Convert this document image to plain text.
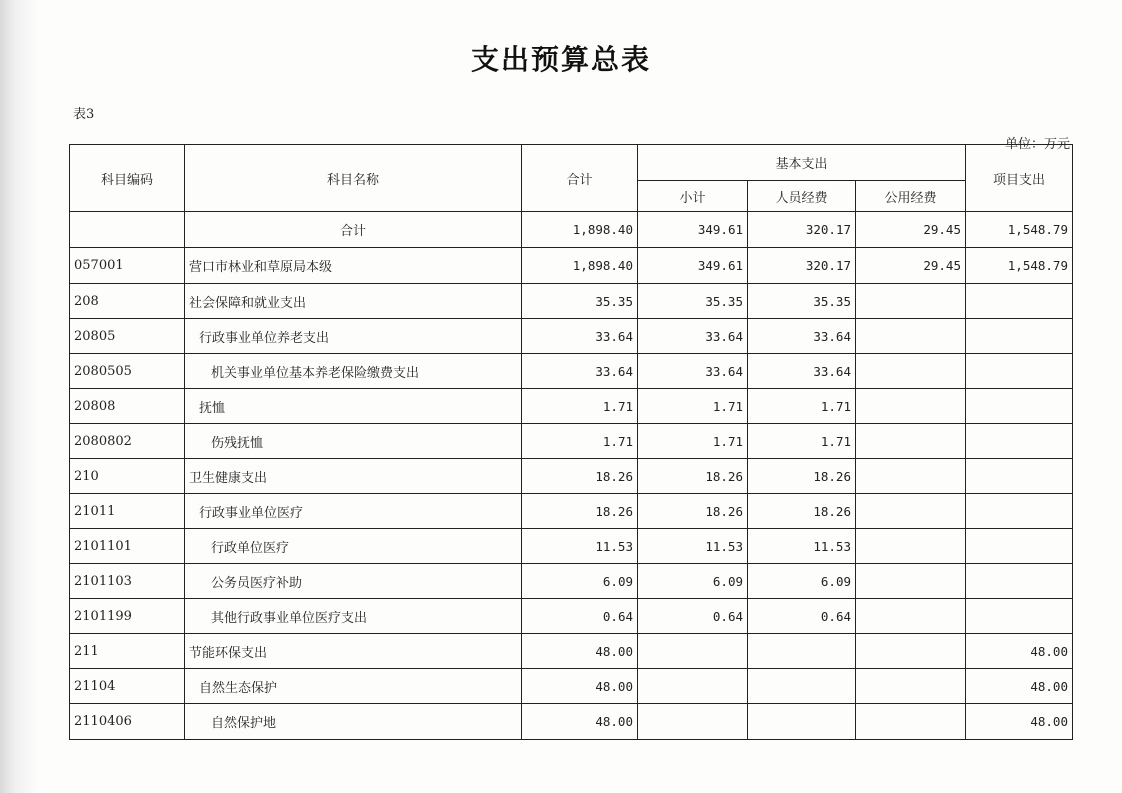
支出预算总表
表3
单位：万元
科目编码	科目名称	合计	基本支出			项目支出
			小计	人员经费	公用经费	
	合计	1,898.40	349.61	320.17	29.45	1,548.79
057001	营口市林业和草原局本级	1,898.40	349.61	320.17	29.45	1,548.79
208	社会保障和就业支出	35.35	35.35	35.35		
20805	行政事业单位养老支出	33.64	33.64	33.64		
2080505	机关事业单位基本养老保险缴费支出	33.64	33.64	33.64		
20808	抚恤	1.71	1.71	1.71		
2080802	伤残抚恤	1.71	1.71	1.71		
210	卫生健康支出	18.26	18.26	18.26		
21011	行政事业单位医疗	18.26	18.26	18.26		
2101101	行政单位医疗	11.53	11.53	11.53		
2101103	公务员医疗补助	6.09	6.09	6.09		
2101199	其他行政事业单位医疗支出	0.64	0.64	0.64		
211	节能环保支出	48.00				48.00
21104	自然生态保护	48.00				48.00
2110406	自然保护地	48.00				48.00
